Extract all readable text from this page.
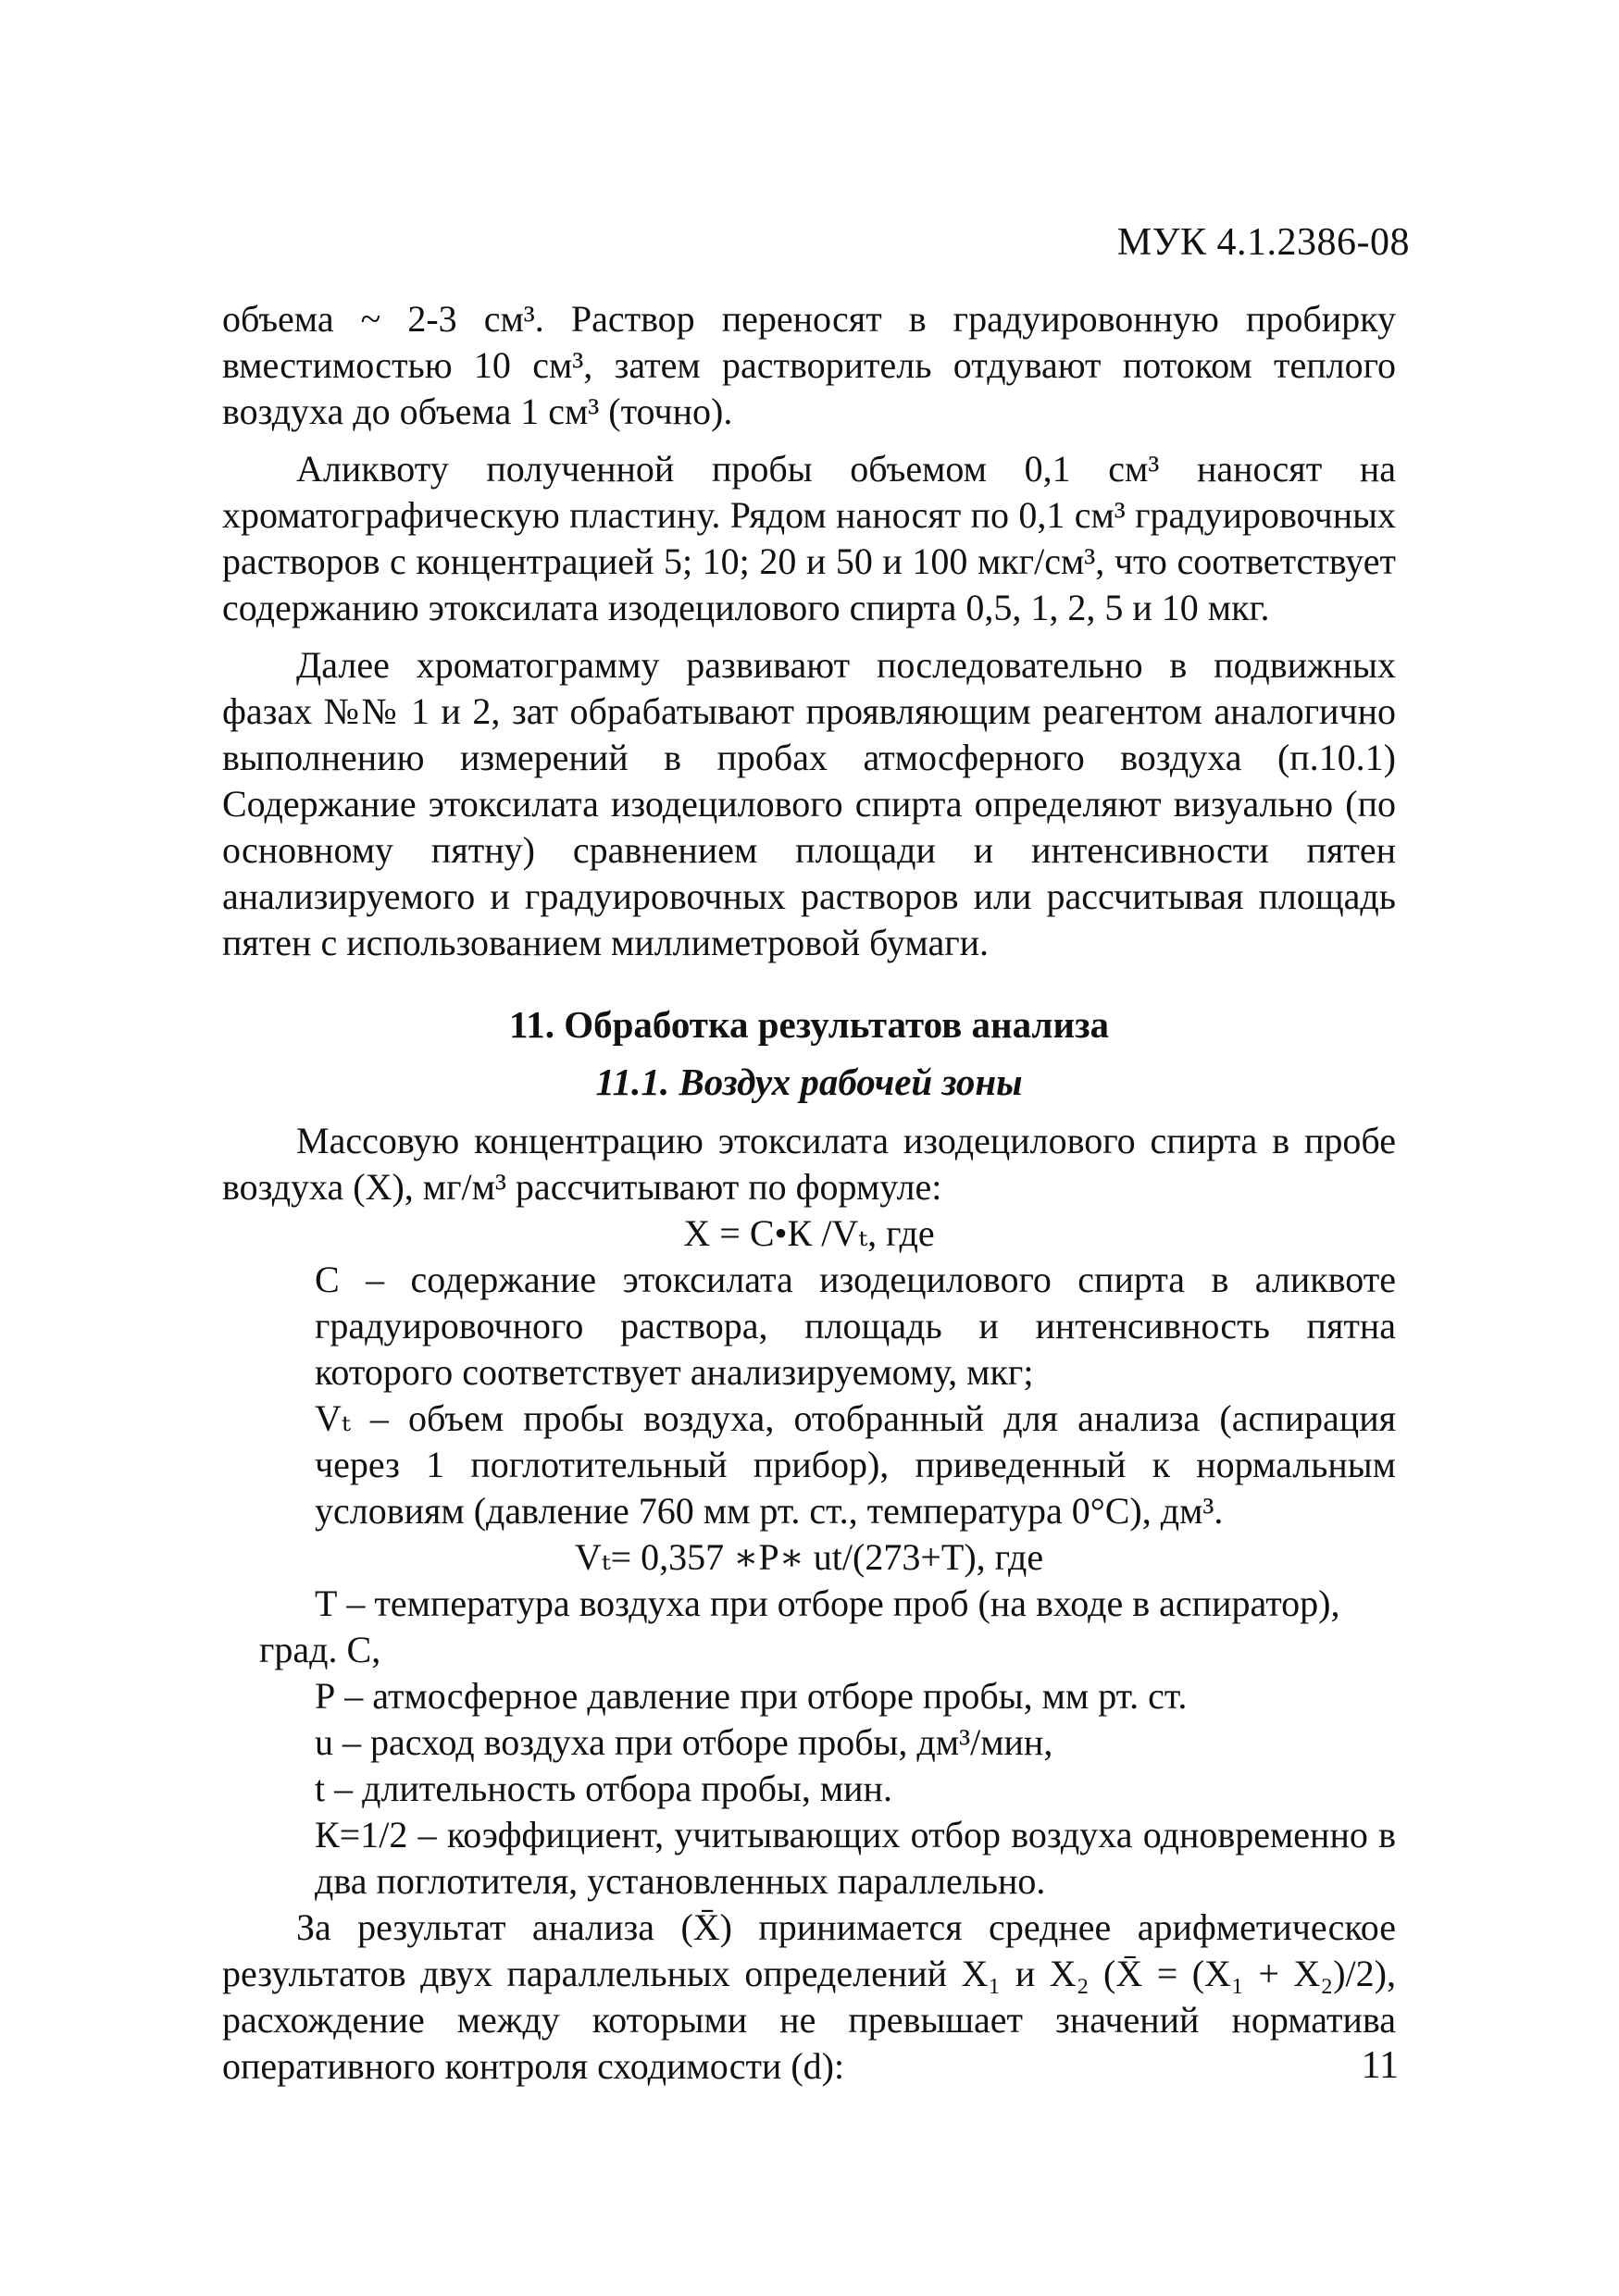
МУК 4.1.2386-08

объема ~ 2-3 см³. Раствор переносят в градуировонную пробирку вместимостью 10 см³, затем растворитель отдувают потоком теплого воздуха до объема 1 см³ (точно).

Аликвоту полученной пробы объемом 0,1 см³ наносят на хроматографическую пластину. Рядом наносят по 0,1 см³ градуировочных растворов с концентрацией 5; 10; 20 и 50 и 100 мкг/см³, что соответствует содержанию этоксилата изодецилового спирта 0,5, 1, 2, 5 и 10 мкг.

Далее хроматограмму развивают последовательно в подвижных фазах №№ 1 и 2, зат обрабатывают проявляющим реагентом аналогично выполнению измерений в пробах атмосферного воздуха (п.10.1) Содержание этоксилата изодецилового спирта определяют визуально (по основному пятну) сравнением площади и интенсивности пятен анализируемого и градуировочных растворов или рассчитывая площадь пятен с использованием миллиметровой бумаги.

11. Обработка результатов анализа
11.1. Воздух рабочей зоны

Массовую концентрацию этоксилата изодецилового спирта в пробе воздуха (Х), мг/м³ рассчитывают по формуле:

Х = С•К /Vₜ, где

С – содержание этоксилата изодецилового спирта в аликвоте градуировочного раствора, площадь и интенсивность пятна которого соответствует анализируемому, мкг;

Vₜ – объем пробы воздуха, отобранный для анализа (аспирация через 1 поглотительный прибор), приведенный к нормальным условиям (давление 760 мм рт. ст., температура 0°С), дм³.

Vₜ= 0,357 ∗Р∗ ut/(273+Т), где

Т – температура воздуха при отборе проб (на входе в аспиратор),

град. С,

Р – атмосферное давление при отборе пробы, мм рт. ст.

u – расход воздуха при отборе пробы, дм³/мин,

t – длительность отбора пробы, мин.

К=1/2 – коэффициент, учитывающих отбор воздуха одновременно в два поглотителя, установленных параллельно.

За результат анализа (X̄) принимается среднее арифметическое результатов двух параллельных определений Х₁ и Х₂ (X̄ = (Х₁ + Х₂)/2), расхождение между которыми не превышает значений норматива оперативного контроля сходимости (d):	11
